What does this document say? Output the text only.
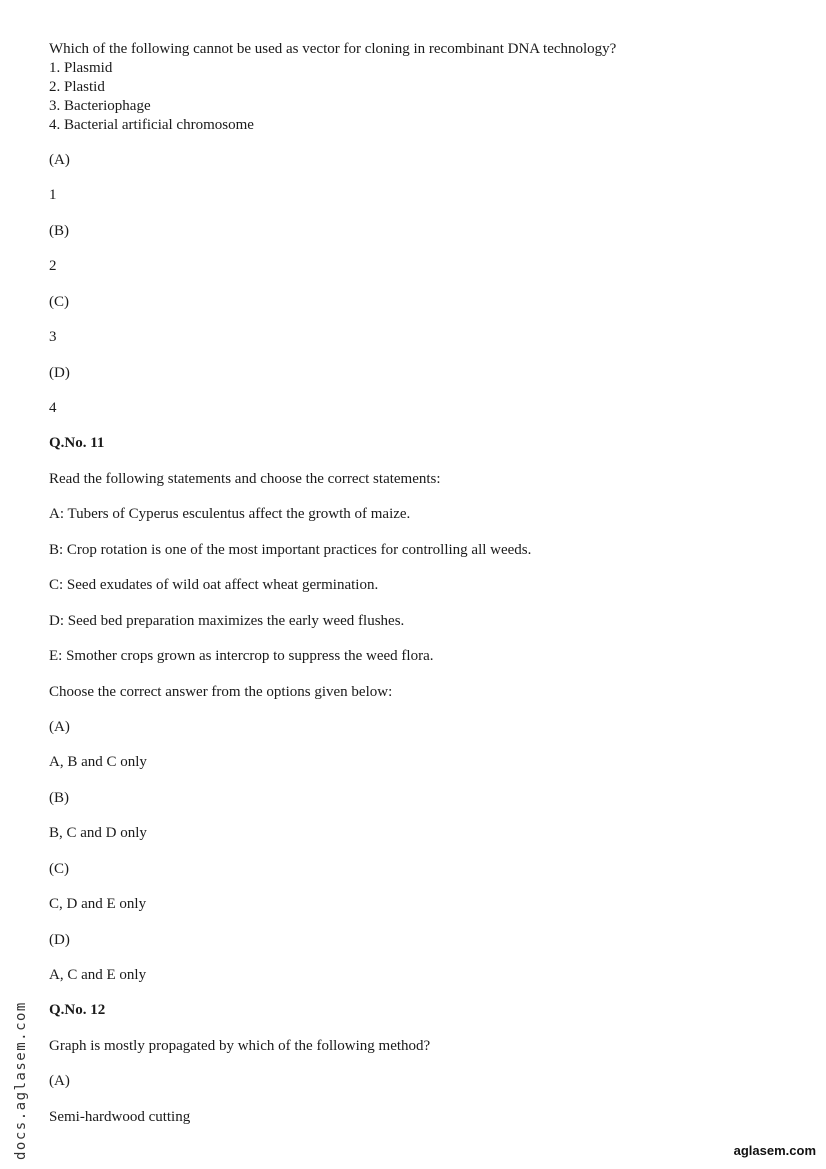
Which of the following cannot be used as vector for cloning in recombinant DNA technology?
1. Plasmid
2. Plastid
3. Bacteriophage
4. Bacterial artificial chromosome
(A)
1
(B)
2
(C)
3
(D)
4
Q.No. 11
Read the following statements and choose the correct statements:
A: Tubers of Cyperus esculentus affect the growth of maize.
B: Crop rotation is one of the most important practices for controlling all weeds.
C: Seed exudates of wild oat affect wheat germination.
D: Seed bed preparation maximizes the early weed flushes.
E: Smother crops grown as intercrop to suppress the weed flora.
Choose the correct answer from the options given below:
(A)
A, B and C only
(B)
B, C and D only
(C)
C, D and E only
(D)
A, C and E only
Q.No. 12
Graph is mostly propagated by which of the following method?
(A)
Semi-hardwood cutting
docs.aglasem.com	aglasem.com
